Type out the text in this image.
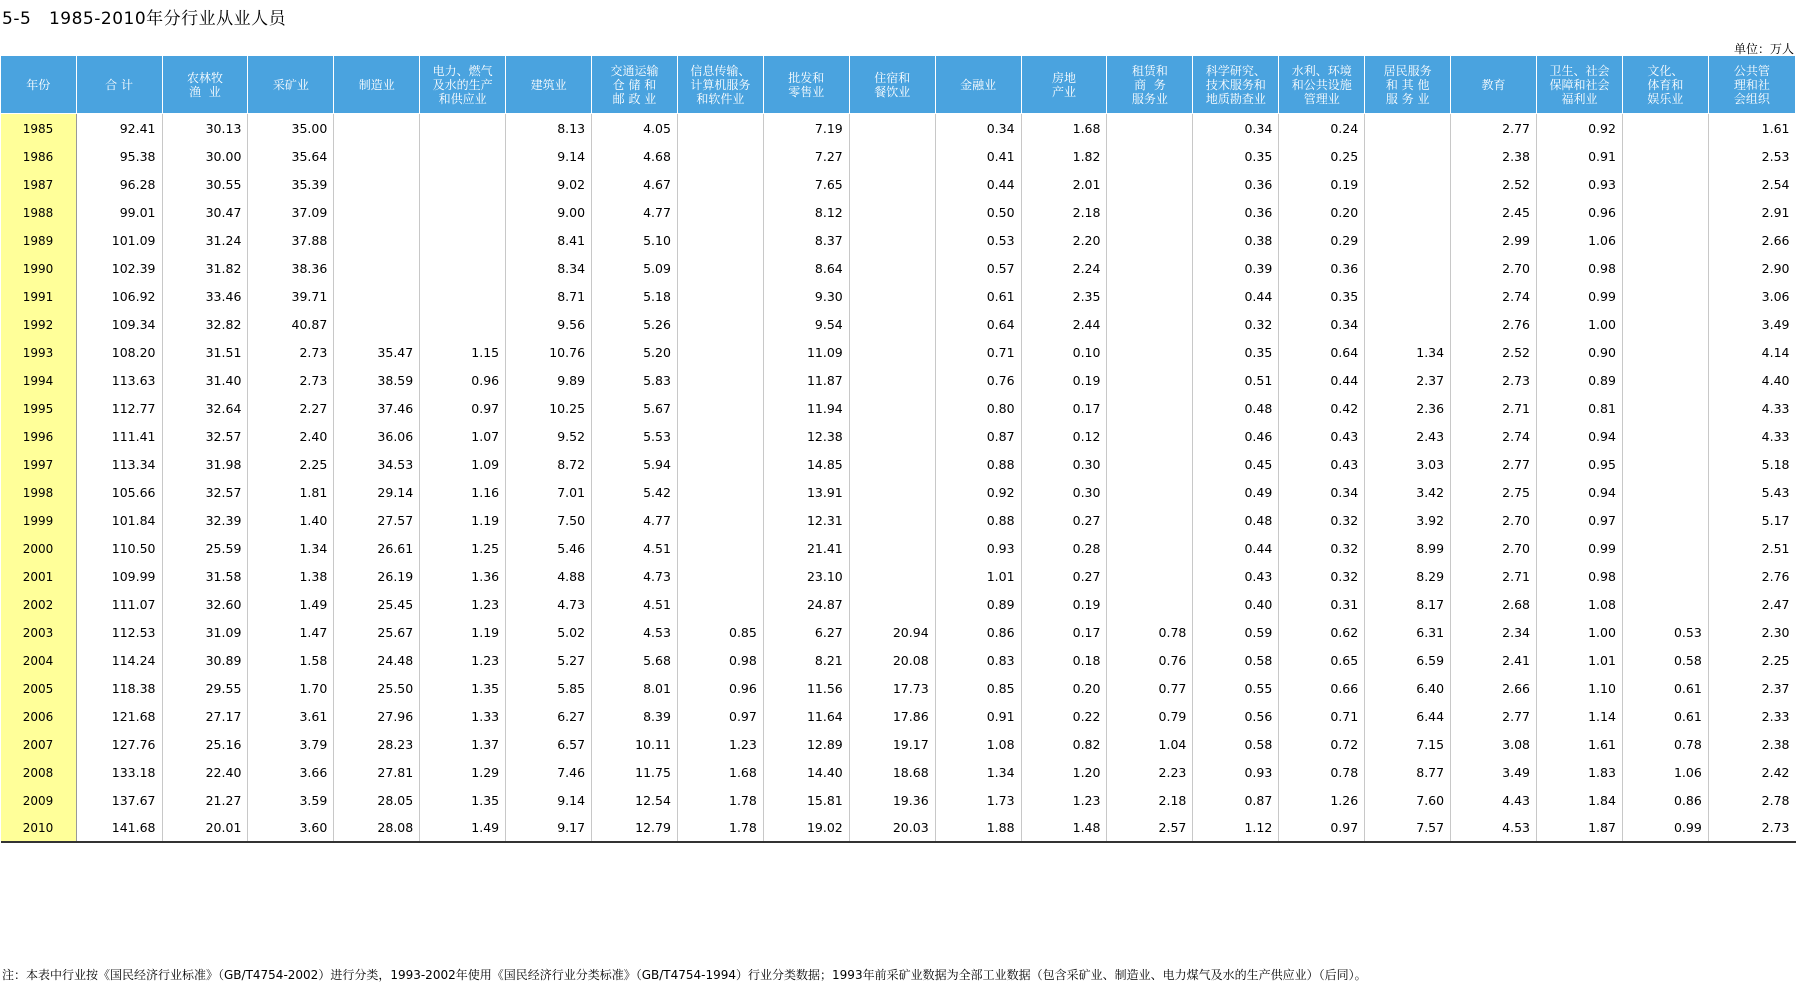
5-5   1985-2010年分行业从业人员
单位：万人
年份	合 计	农林牧
渔  业	采矿业	制造业	电力、燃气
及水的生产
和供应业	建筑业	交通运输
仓 储 和
邮 政 业	信息传输、
计算机服务
和软件业	批发和
零售业	住宿和
餐饮业	金融业	房地
产业	租赁和
商  务
服务业	科学研究、
技术服务和
地质勘查业	水利、环境
和公共设施
管理业	居民服务
和 其 他
服 务 业	教育	卫生、社会
保障和社会
福利业	文化、
体育和
娱乐业	公共管
理和社
会组织
1985	92.41	30.13	35.00			8.13	4.05		7.19		0.34	1.68		0.34	0.24		2.77	0.92		1.61
1986	95.38	30.00	35.64			9.14	4.68		7.27		0.41	1.82		0.35	0.25		2.38	0.91		2.53
1987	96.28	30.55	35.39			9.02	4.67		7.65		0.44	2.01		0.36	0.19		2.52	0.93		2.54
1988	99.01	30.47	37.09			9.00	4.77		8.12		0.50	2.18		0.36	0.20		2.45	0.96		2.91
1989	101.09	31.24	37.88			8.41	5.10		8.37		0.53	2.20		0.38	0.29		2.99	1.06		2.66
1990	102.39	31.82	38.36			8.34	5.09		8.64		0.57	2.24		0.39	0.36		2.70	0.98		2.90
1991	106.92	33.46	39.71			8.71	5.18		9.30		0.61	2.35		0.44	0.35		2.74	0.99		3.06
1992	109.34	32.82	40.87			9.56	5.26		9.54		0.64	2.44		0.32	0.34		2.76	1.00		3.49
1993	108.20	31.51	2.73	35.47	1.15	10.76	5.20		11.09		0.71	0.10		0.35	0.64	1.34	2.52	0.90		4.14
1994	113.63	31.40	2.73	38.59	0.96	9.89	5.83		11.87		0.76	0.19		0.51	0.44	2.37	2.73	0.89		4.40
1995	112.77	32.64	2.27	37.46	0.97	10.25	5.67		11.94		0.80	0.17		0.48	0.42	2.36	2.71	0.81		4.33
1996	111.41	32.57	2.40	36.06	1.07	9.52	5.53		12.38		0.87	0.12		0.46	0.43	2.43	2.74	0.94		4.33
1997	113.34	31.98	2.25	34.53	1.09	8.72	5.94		14.85		0.88	0.30		0.45	0.43	3.03	2.77	0.95		5.18
1998	105.66	32.57	1.81	29.14	1.16	7.01	5.42		13.91		0.92	0.30		0.49	0.34	3.42	2.75	0.94		5.43
1999	101.84	32.39	1.40	27.57	1.19	7.50	4.77		12.31		0.88	0.27		0.48	0.32	3.92	2.70	0.97		5.17
2000	110.50	25.59	1.34	26.61	1.25	5.46	4.51		21.41		0.93	0.28		0.44	0.32	8.99	2.70	0.99		2.51
2001	109.99	31.58	1.38	26.19	1.36	4.88	4.73		23.10		1.01	0.27		0.43	0.32	8.29	2.71	0.98		2.76
2002	111.07	32.60	1.49	25.45	1.23	4.73	4.51		24.87		0.89	0.19		0.40	0.31	8.17	2.68	1.08		2.47
2003	112.53	31.09	1.47	25.67	1.19	5.02	4.53	0.85	6.27	20.94	0.86	0.17	0.78	0.59	0.62	6.31	2.34	1.00	0.53	2.30
2004	114.24	30.89	1.58	24.48	1.23	5.27	5.68	0.98	8.21	20.08	0.83	0.18	0.76	0.58	0.65	6.59	2.41	1.01	0.58	2.25
2005	118.38	29.55	1.70	25.50	1.35	5.85	8.01	0.96	11.56	17.73	0.85	0.20	0.77	0.55	0.66	6.40	2.66	1.10	0.61	2.37
2006	121.68	27.17	3.61	27.96	1.33	6.27	8.39	0.97	11.64	17.86	0.91	0.22	0.79	0.56	0.71	6.44	2.77	1.14	0.61	2.33
2007	127.76	25.16	3.79	28.23	1.37	6.57	10.11	1.23	12.89	19.17	1.08	0.82	1.04	0.58	0.72	7.15	3.08	1.61	0.78	2.38
2008	133.18	22.40	3.66	27.81	1.29	7.46	11.75	1.68	14.40	18.68	1.34	1.20	2.23	0.93	0.78	8.77	3.49	1.83	1.06	2.42
2009	137.67	21.27	3.59	28.05	1.35	9.14	12.54	1.78	15.81	19.36	1.73	1.23	2.18	0.87	1.26	7.60	4.43	1.84	0.86	2.78
2010	141.68	20.01	3.60	28.08	1.49	9.17	12.79	1.78	19.02	20.03	1.88	1.48	2.57	1.12	0.97	7.57	4.53	1.87	0.99	2.73
注：本表中行业按《国民经济行业标准》（GB/T4754-2002）进行分类，1993-2002年使用《国民经济行业分类标准》（GB/T4754-1994）行业分类数据；1993年前采矿业数据为全部工业数据（包含采矿业、制造业、电力煤气及水的生产供应业）（后同）。
